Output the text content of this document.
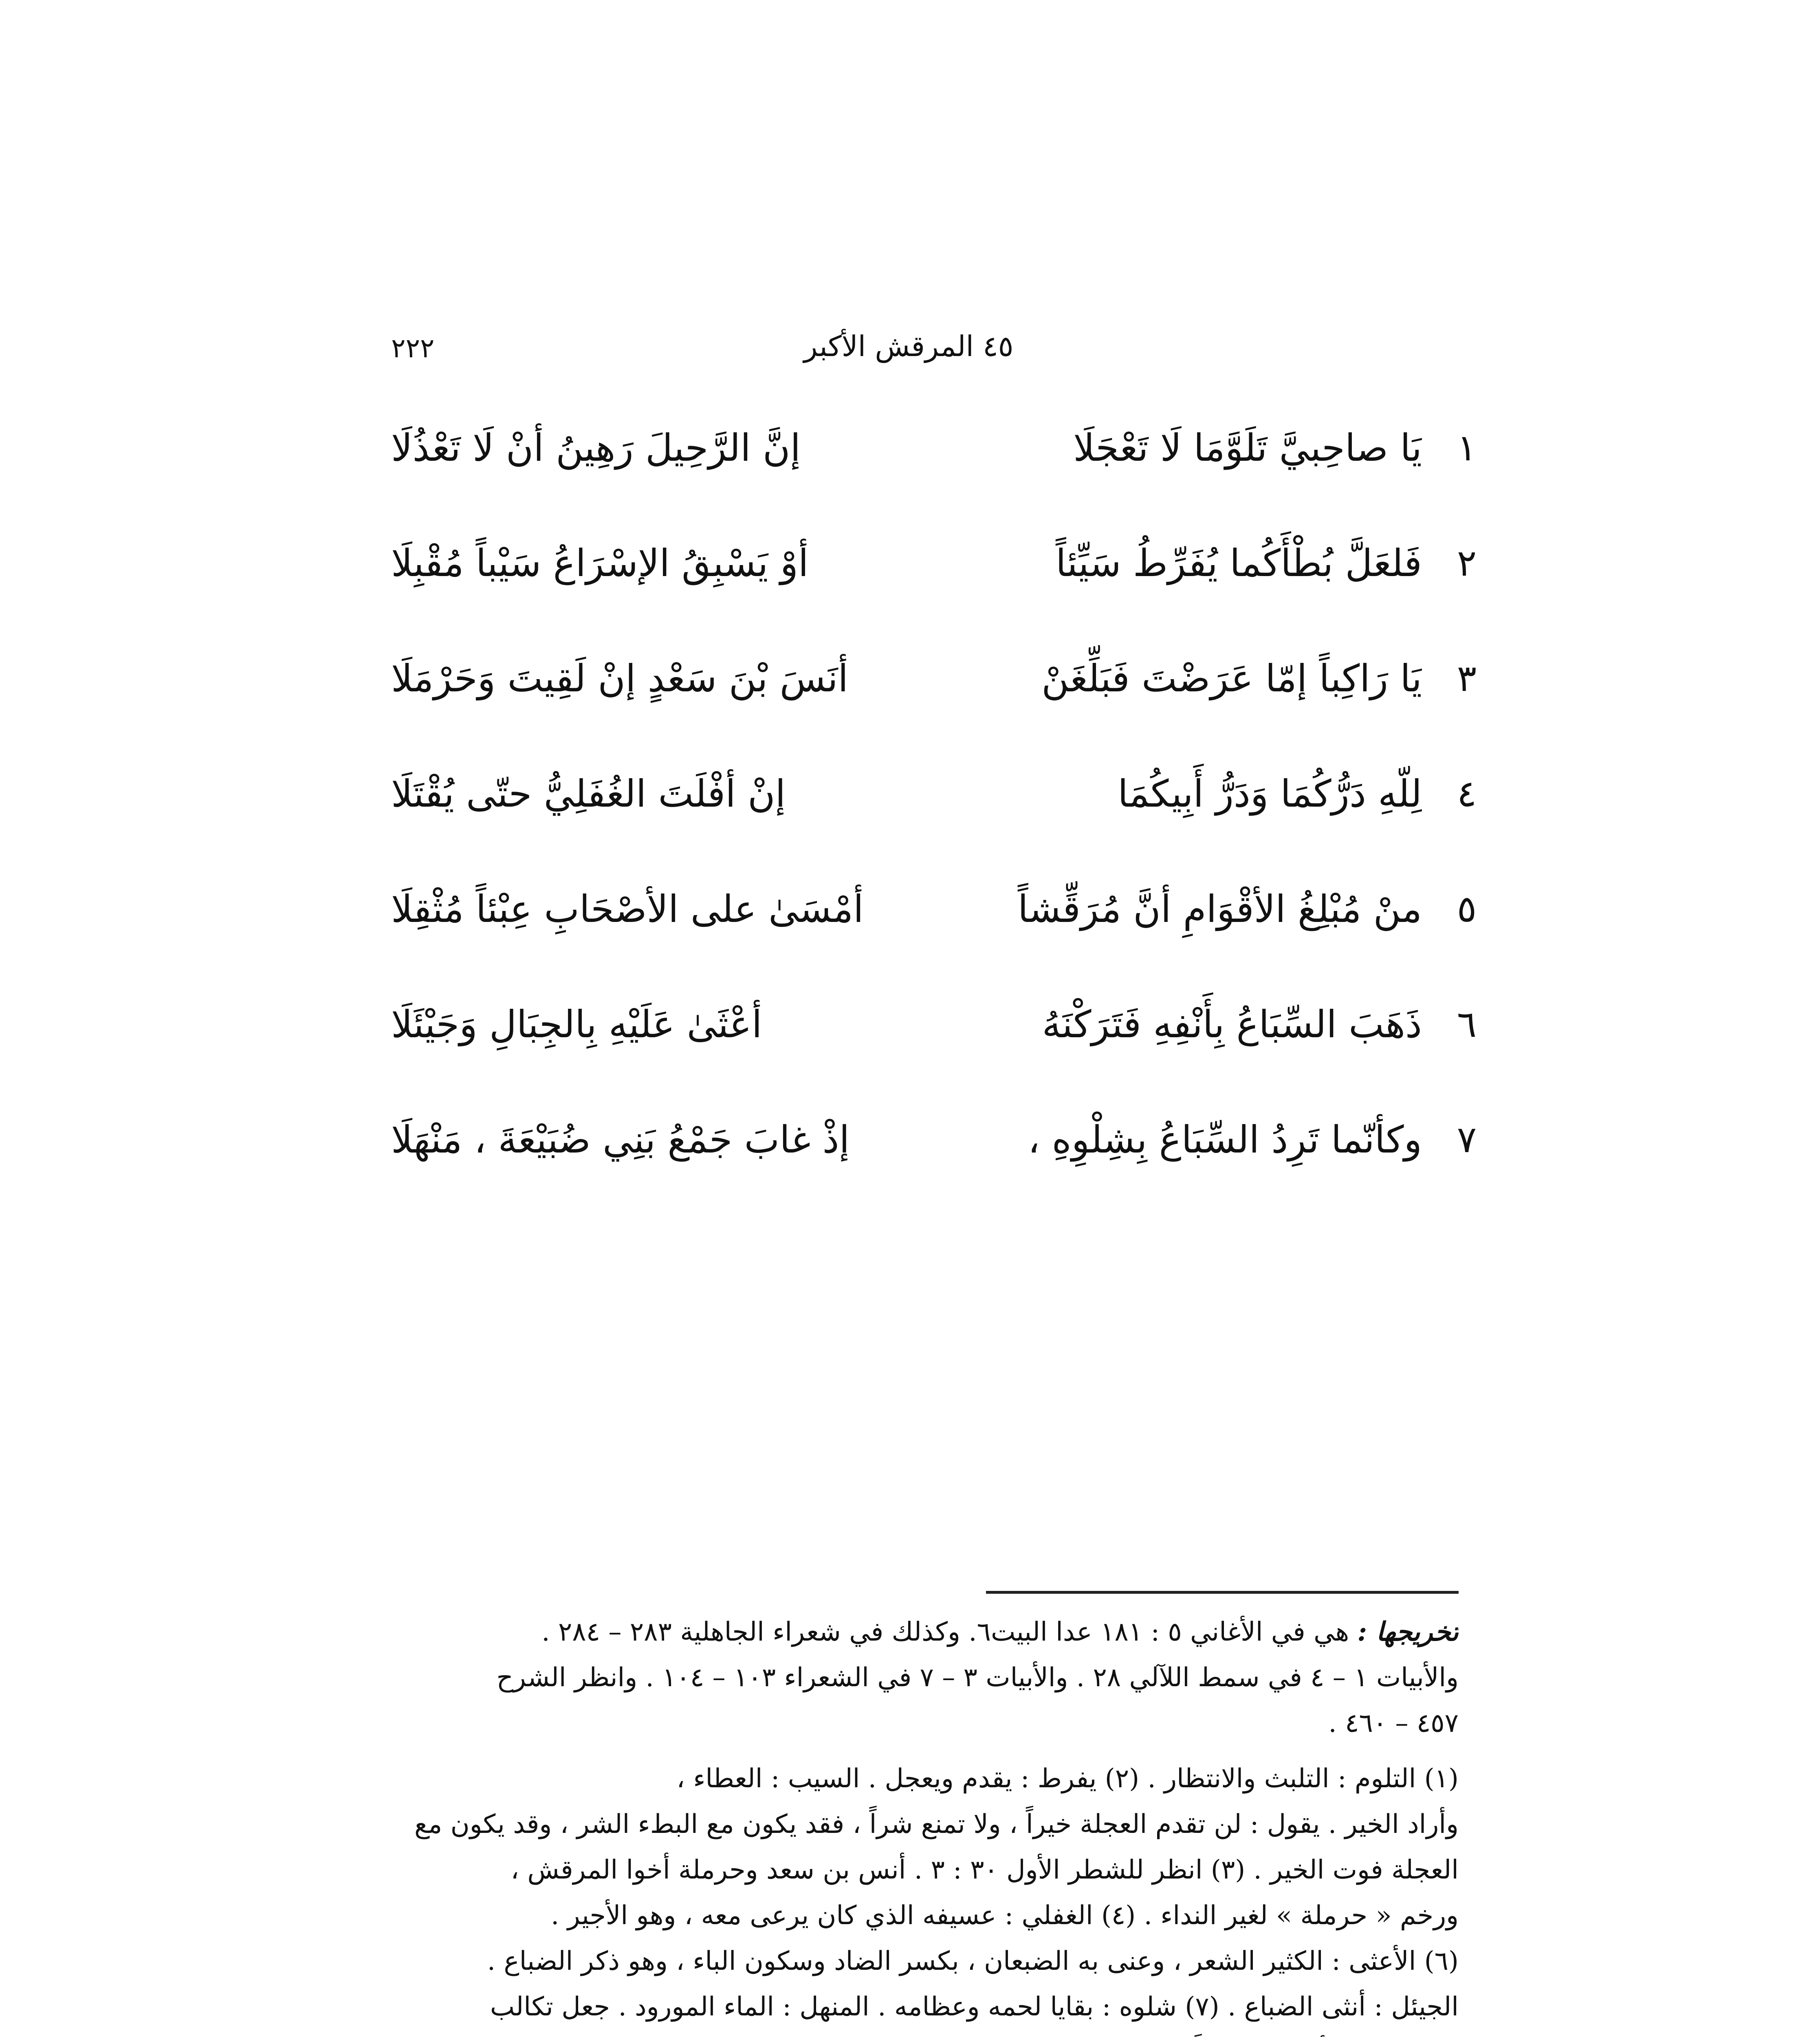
٢٢٢	٤٥ المرقش الأكبر
١
يَا صاحِبيَّ تَلَوَّمَا لَا تَعْجَلَا
إنَّ الرَّحِيلَ رَهِينُ أنْ لَا تَعْذُلَا
٢
فَلعَلَّ بُطْأَكُما يُفَرِّطُ سَيِّئاً
أوْ يَسْبِقُ الإسْرَاعُ سَيْباً مُقْبِلَا
٣
يَا رَاكِباً إمّا عَرَضْتَ فَبَلِّغَنْ
أنَسَ بْنَ سَعْدٍ إنْ لَقِيتَ وَحَرْمَلَا
٤
لِلّهِ دَرُّكُمَا وَدَرُّ أَبِيكُمَا
إنْ أفْلَتَ الغُفَلِيُّ حتّى يُقْتَلَا
٥
منْ مُبْلِغُ الأقْوَامِ أنَّ مُرَقِّشاً
أمْسَىٰ على الأصْحَابِ عِبْئاً مُثْقِلَا
٦
ذَهَبَ السِّبَاعُ بِأَنْفِهِ فَتَرَكْنَهُ
أعْثَىٰ عَلَيْهِ بِالجِبَالِ وَجَيْئَلَا
٧
وكأنّما تَرِدُ السِّبَاعُ بِشِلْوِهِ ،
إذْ غابَ جَمْعُ بَنِي ضُبَيْعَةَ ، مَنْهَلَا
تخريجها : هي في الأغاني ٥ : ١٨١ عدا البيت٦. وكذلك في شعراء الجاهلية ٢٨٣ – ٢٨٤ .
والأبيات ١ – ٤ في سمط اللآلي ٢٨ . والأبيات ٣ – ٧ في الشعراء ١٠٣ – ١٠٤ . وانظر الشرح
٤٥٧ – ٤٦٠ .
(١) التلوم : التلبث والانتظار . (٢) يفرط : يقدم ويعجل . السيب : العطاء ،
وأراد الخير . يقول : لن تقدم العجلة خيراً ، ولا تمنع شراً ، فقد يكون مع البطء الشر ، وقد يكون مع
العجلة فوت الخير . (٣) انظر للشطر الأول ٣٠ : ٣ . أنس بن سعد وحرملة أخوا المرقش ،
ورخم « حرملة » لغير النداء . (٤) الغفلي : عسيفه الذي كان يرعى معه ، وهو الأجير .
(٦) الأعثى : الكثير الشعر ، وعنى به الضبعان ، بكسر الضاد وسكون الباء ، وهو ذكر الضباع .
الجيئل : أنثى الضباع . (٧) شلوه : بقايا لحمه وعظامه . المنهل : الماء المورود . جعل تكالب
